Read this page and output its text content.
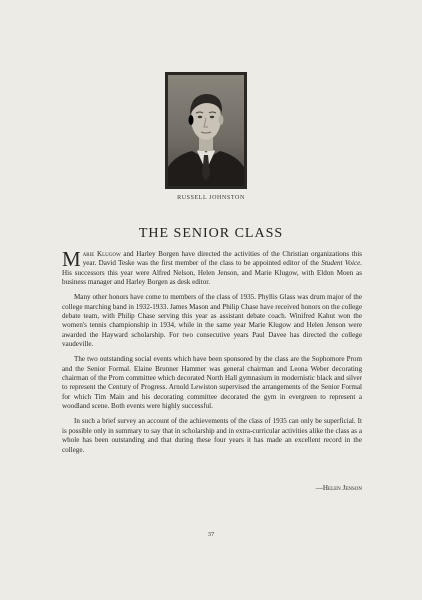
RUSSELL JOHNSTON
THE SENIOR CLASS

Marie Klugow and Harley Borgen have directed the activities of the Christian organizations this year. David Teske was the first member of the class to be appointed editor of the Student Voice. His successors this year were Alfred Nelson, Helen Jenson, and Marie Klugow, with Eldon Moen as business manager and Harley Borgen as desk editor.

Many other honors have come to members of the class of 1935. Phyllis Glass was drum major of the college marching band in 1932-1933. James Mason and Philip Chase have received honors on the college debate team, with Philip Chase serving this year as assistant debate coach. Winifred Kahut won the women's tennis championship in 1934, while in the same year Marie Klugow and Helen Jenson were awarded the Hayward scholarship. For two consecutive years Paul Davee has directed the college vaudeville.

The two outstanding social events which have been sponsored by the class are the Sophomore Prom and the Senior Formal. Elaine Brunner Hammer was general chairman and Leona Weber decorating chairman of the Prom committee which decorated North Hall gymnasium in modernistic black and silver to represent the Century of Progress. Arnold Lewiston supervised the arrangements of the Senior Formal for which Tim Main and his decorating committee decorated the gym in evergreen to represent a woodland scene. Both events were highly successful.

In such a brief survey an account of the achievements of the class of 1935 can only be superficial. It is possible only in summary to say that in scholarship and in extra-curricular activities alike the class as a whole has been outstanding and that during these four years it has made an excellent record in the college.

—Helen Jenson
37
